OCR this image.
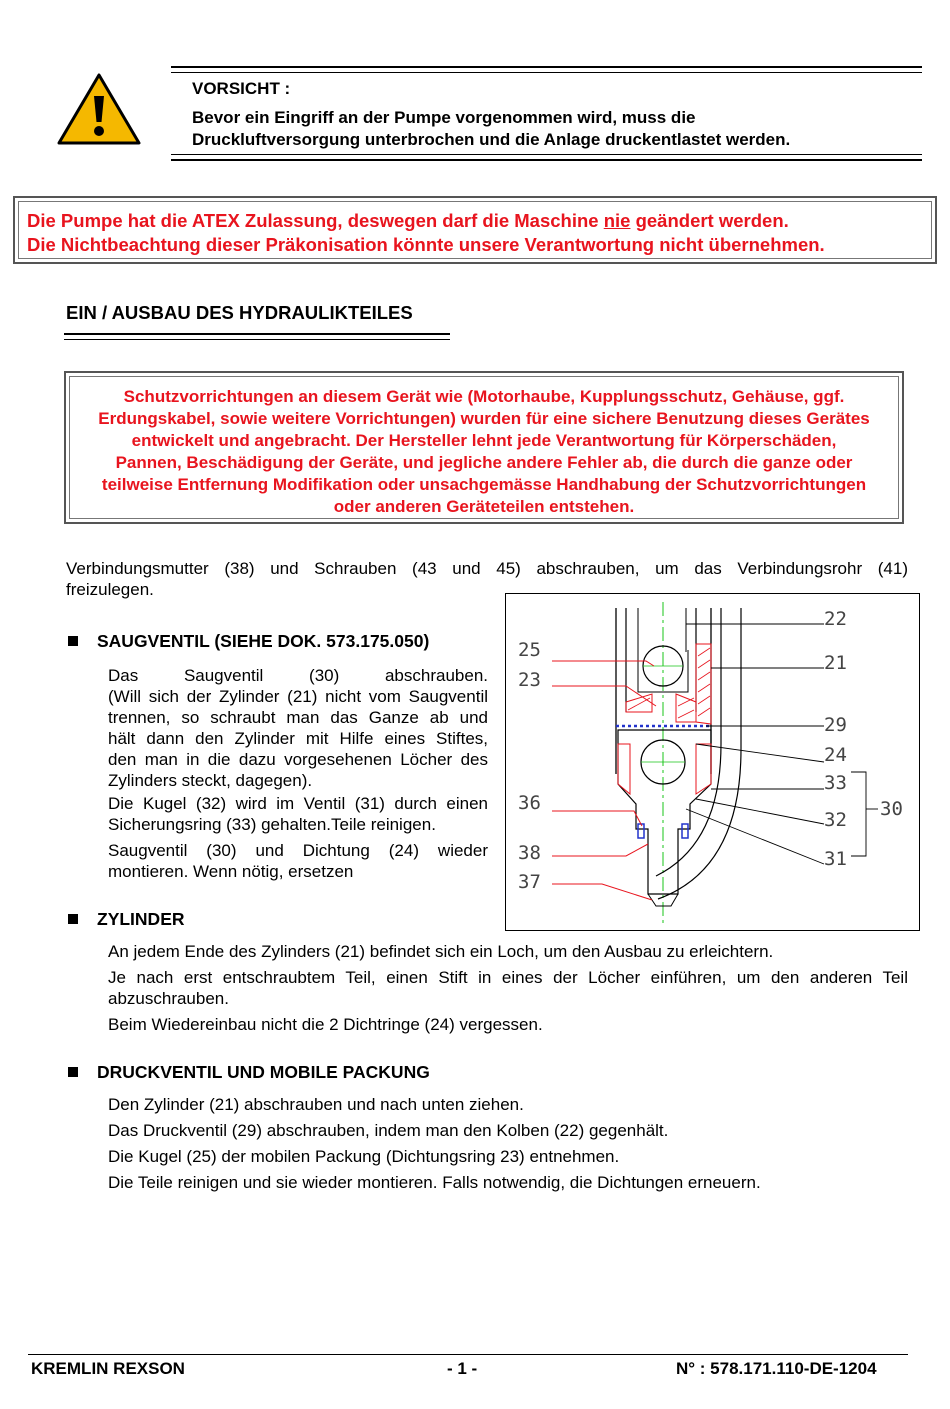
VORSICHT :
Bevor ein Eingriff an der Pumpe vorgenommen wird, muss die
Druckluftversorgung unterbrochen und die Anlage druckentlastet werden.
Die Pumpe hat die ATEX Zulassung, deswegen darf die Maschine nie geändert werden.
Die Nichtbeachtung dieser Präkonisation könnte unsere Verantwortung nicht übernehmen.
EIN / AUSBAU DES HYDRAULIKTEILES
Schutzvorrichtungen an diesem Gerät wie (Motorhaube, Kupplungsschutz, Gehäuse, ggf.
Erdungskabel, sowie weitere Vorrichtungen) wurden für eine sichere Benutzung dieses Gerätes
entwickelt und angebracht. Der Hersteller lehnt jede Verantwortung für Körperschäden,
Pannen, Beschädigung der Geräte, und jegliche andere Fehler ab, die durch die ganze oder
teilweise Entfernung Modifikation oder unsachgemässe Handhabung der Schutzvorrichtungen
oder anderen Geräteteilen entstehen.
Verbindungsmutter (38) und Schrauben (43 und 45) abschrauben, um das Verbindungsrohr (41)
freizulegen.
SAUGVENTIL (SIEHE DOK. 573.175.050)
Das Saugventil (30) abschrauben.
(Will sich der Zylinder (21) nicht vom Saugventil
trennen, so schraubt man das Ganze ab und
hält dann den Zylinder mit Hilfe eines Stiftes,
den man in die dazu vorgesehenen Löcher des
Zylinders steckt, dagegen).
Die Kugel (32) wird im Ventil (31) durch einen
Sicherungsring (33) gehalten.Teile reinigen.
Saugventil (30) und Dichtung (24) wieder
montieren. Wenn nötig, ersetzen
25
23
36
38
37
22
21
29
24
33
32
31
30
ZYLINDER
An jedem Ende des Zylinders (21) befindet sich ein Loch, um den Ausbau zu erleichtern.
Je nach erst entschraubtem Teil, einen Stift in eines der Löcher einführen, um den anderen Teil
abzuschrauben.
Beim Wiedereinbau nicht die 2 Dichtringe (24) vergessen.
DRUCKVENTIL UND MOBILE PACKUNG
Den Zylinder (21) abschrauben und nach unten ziehen.
Das Druckventil (29) abschrauben, indem man den Kolben (22) gegenhält.
Die Kugel (25) der mobilen Packung (Dichtungsring 23) entnehmen.
Die Teile reinigen und sie wieder montieren. Falls notwendig, die Dichtungen erneuern.
KREMLIN REXSON	- 1 -	N° : 578.171.110-DE-1204
